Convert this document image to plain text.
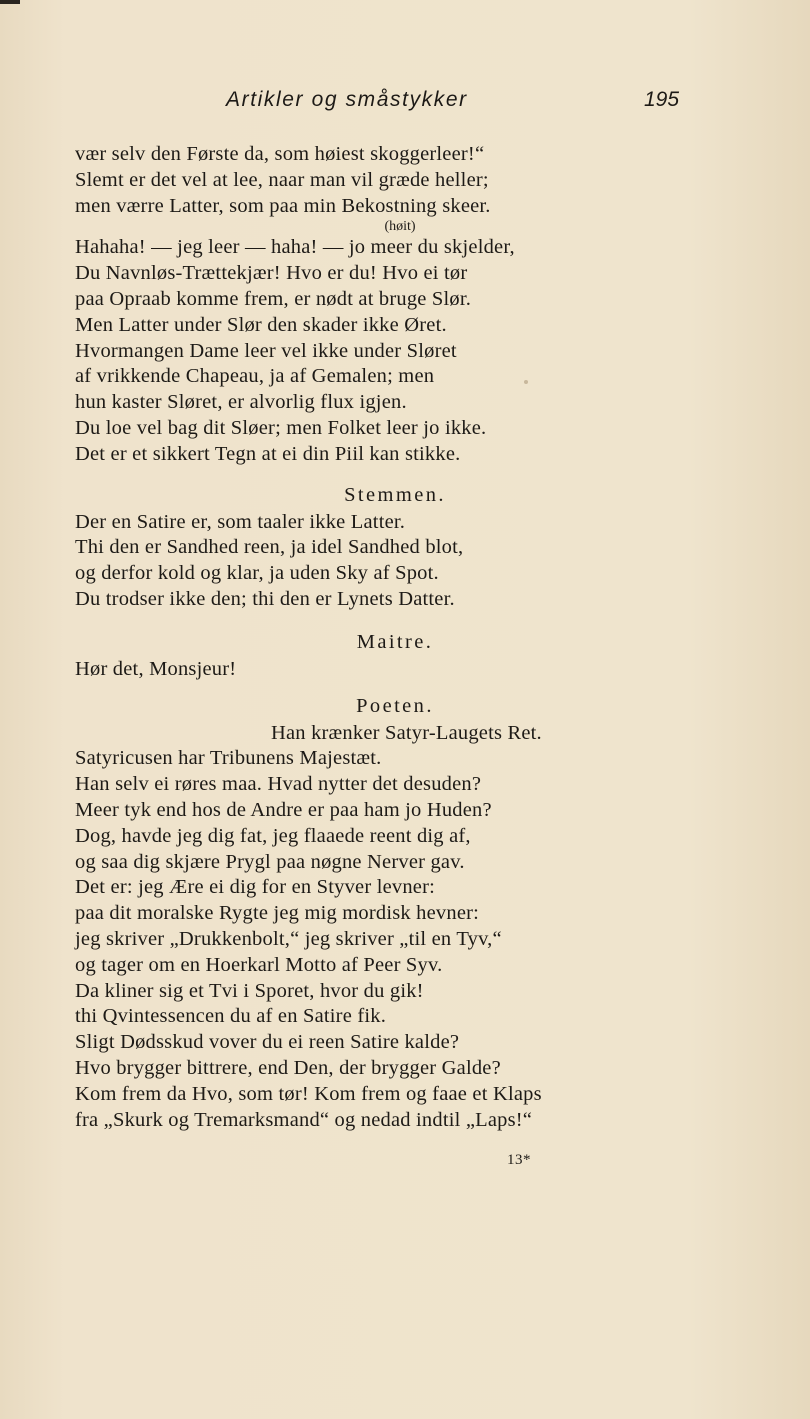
Artikler og småstykker	195
vær selv den Første da, som høiest skoggerleer!“
Slemt er det vel at lee, naar man vil græde heller;
men værre Latter, som paa min Bekostning skeer.
(høit)
Hahaha! — jeg leer — haha! — jo meer du skjelder,
Du Navnløs-Trættekjær! Hvo er du! Hvo ei tør
paa Opraab komme frem, er nødt at bruge Slør.
Men Latter under Slør den skader ikke Øret.
Hvormangen Dame leer vel ikke under Sløret
af vrikkende Chapeau, ja af Gemalen; men
hun kaster Sløret, er alvorlig flux igjen.
Du loe vel bag dit Sløer; men Folket leer jo ikke.
Det er et sikkert Tegn at ei din Piil kan stikke.
Stemmen.
Der en Satire er, som taaler ikke Latter.
Thi den er Sandhed reen, ja idel Sandhed blot,
og derfor kold og klar, ja uden Sky af Spot.
Du trodser ikke den; thi den er Lynets Datter.
Maitre.
Hør det, Monsjeur!
Poeten.
Han krænker Satyr-Laugets Ret.
Satyricusen har Tribunens Majestæt.
Han selv ei røres maa. Hvad nytter det desuden?
Meer tyk end hos de Andre er paa ham jo Huden?
Dog, havde jeg dig fat, jeg flaaede reent dig af,
og saa dig skjære Prygl paa nøgne Nerver gav.
Det er: jeg Ære ei dig for en Styver levner:
paa dit moralske Rygte jeg mig mordisk hevner:
jeg skriver „Drukkenbolt,“ jeg skriver „til en Tyv,“
og tager om en Hoerkarl Motto af Peer Syv.
Da kliner sig et Tvi i Sporet, hvor du gik!
thi Qvintessencen du af en Satire fik.
Sligt Dødsskud vover du ei reen Satire kalde?
Hvo brygger bittrere, end Den, der brygger Galde?
Kom frem da Hvo, som tør! Kom frem og faae et Klaps
fra „Skurk og Tremarksmand“ og nedad indtil „Laps!“
13*
